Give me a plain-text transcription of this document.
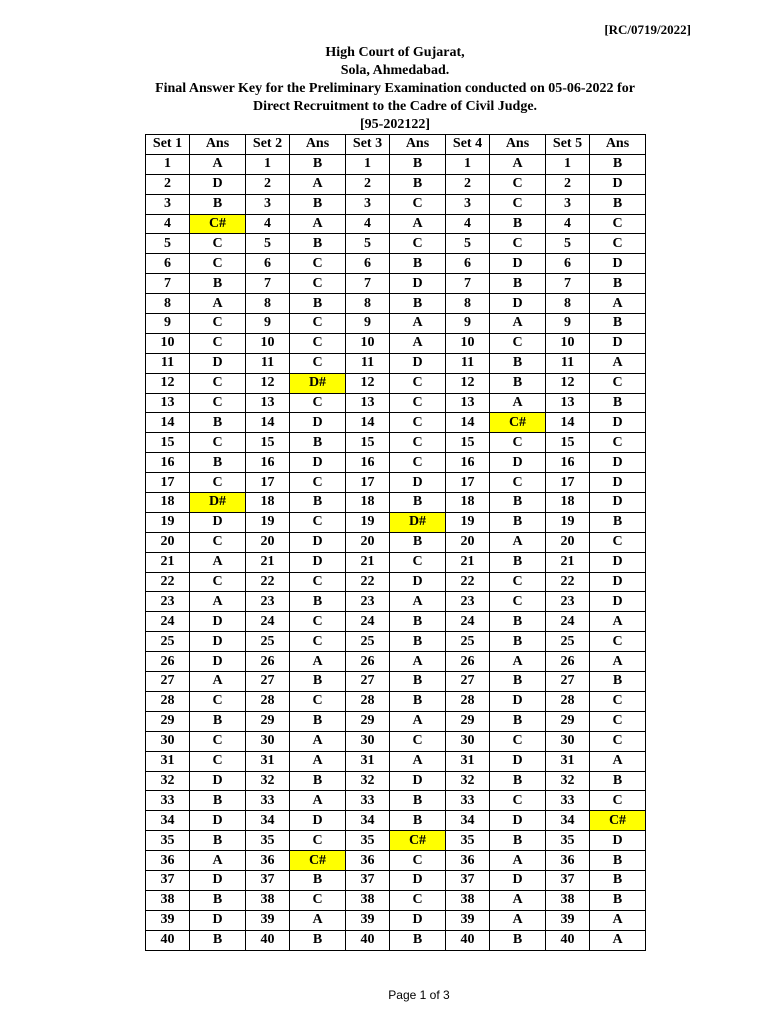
[RC/0719/2022]
High Court of Gujarat,
Sola, Ahmedabad.
Final Answer Key for the Preliminary Examination conducted on 05-06-2022 for
Direct Recruitment to the Cadre of Civil Judge.
[95-202122]
Set 1	Ans	Set 2	Ans	Set 3	Ans	Set 4	Ans	Set 5	Ans
1	A	1	B	1	B	1	A	1	B
2	D	2	A	2	B	2	C	2	D
3	B	3	B	3	C	3	C	3	B
4	C#	4	A	4	A	4	B	4	C
5	C	5	B	5	C	5	C	5	C
6	C	6	C	6	B	6	D	6	D
7	B	7	C	7	D	7	B	7	B
8	A	8	B	8	B	8	D	8	A
9	C	9	C	9	A	9	A	9	B
10	C	10	C	10	A	10	C	10	D
11	D	11	C	11	D	11	B	11	A
12	C	12	D#	12	C	12	B	12	C
13	C	13	C	13	C	13	A	13	B
14	B	14	D	14	C	14	C#	14	D
15	C	15	B	15	C	15	C	15	C
16	B	16	D	16	C	16	D	16	D
17	C	17	C	17	D	17	C	17	D
18	D#	18	B	18	B	18	B	18	D
19	D	19	C	19	D#	19	B	19	B
20	C	20	D	20	B	20	A	20	C
21	A	21	D	21	C	21	B	21	D
22	C	22	C	22	D	22	C	22	D
23	A	23	B	23	A	23	C	23	D
24	D	24	C	24	B	24	B	24	A
25	D	25	C	25	B	25	B	25	C
26	D	26	A	26	A	26	A	26	A
27	A	27	B	27	B	27	B	27	B
28	C	28	C	28	B	28	D	28	C
29	B	29	B	29	A	29	B	29	C
30	C	30	A	30	C	30	C	30	C
31	C	31	A	31	A	31	D	31	A
32	D	32	B	32	D	32	B	32	B
33	B	33	A	33	B	33	C	33	C
34	D	34	D	34	B	34	D	34	C#
35	B	35	C	35	C#	35	B	35	D
36	A	36	C#	36	C	36	A	36	B
37	D	37	B	37	D	37	D	37	B
38	B	38	C	38	C	38	A	38	B
39	D	39	A	39	D	39	A	39	A
40	B	40	B	40	B	40	B	40	A
Page 1 of 3
